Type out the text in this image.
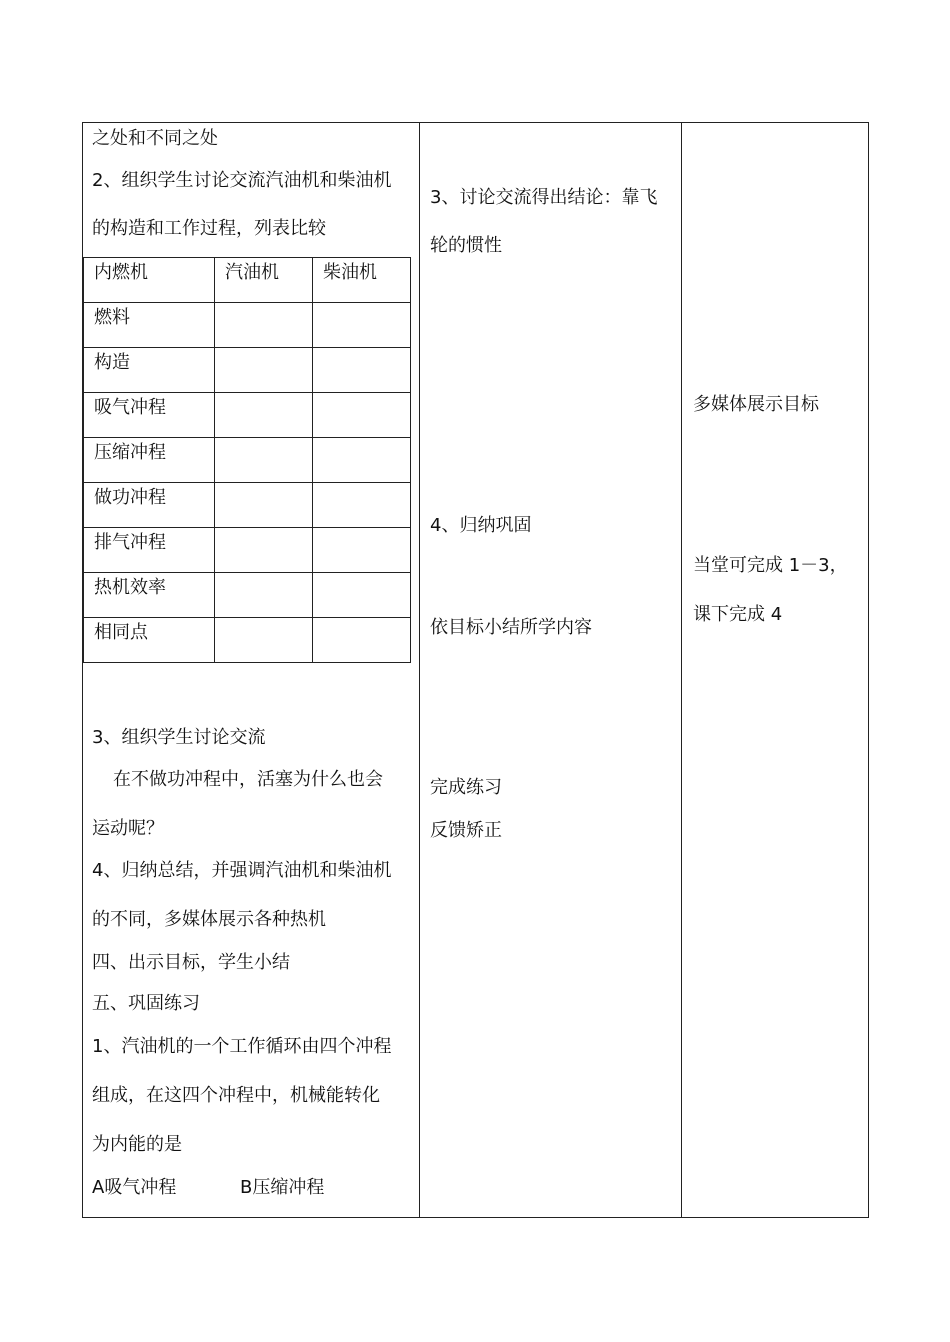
之处和不同之处
2、组织学生讨论交流汽油机和柴油机
的构造和工作过程，列表比较
内燃机	汽油机	柴油机

燃料		

构造		

吸气冲程		

压缩冲程		

做功冲程		

排气冲程		

热机效率		

相同点		

3、组织学生讨论交流
在不做功冲程中，活塞为什么也会
运动呢？
4、归纳总结，并强调汽油机和柴油机
的不同，多媒体展示各种热机
四、出示目标，学生小结
五、巩固练习
1、汽油机的一个工作循环由四个冲程
组成，在这四个冲程中，机械能转化
为内能的是
A吸气冲程	B压缩冲程
3、讨论交流得出结论：靠飞
轮的惯性
4、归纳巩固
依目标小结所学内容
完成练习
反馈矫正
多媒体展示目标
当堂可完成 1－3，
课下完成 4
